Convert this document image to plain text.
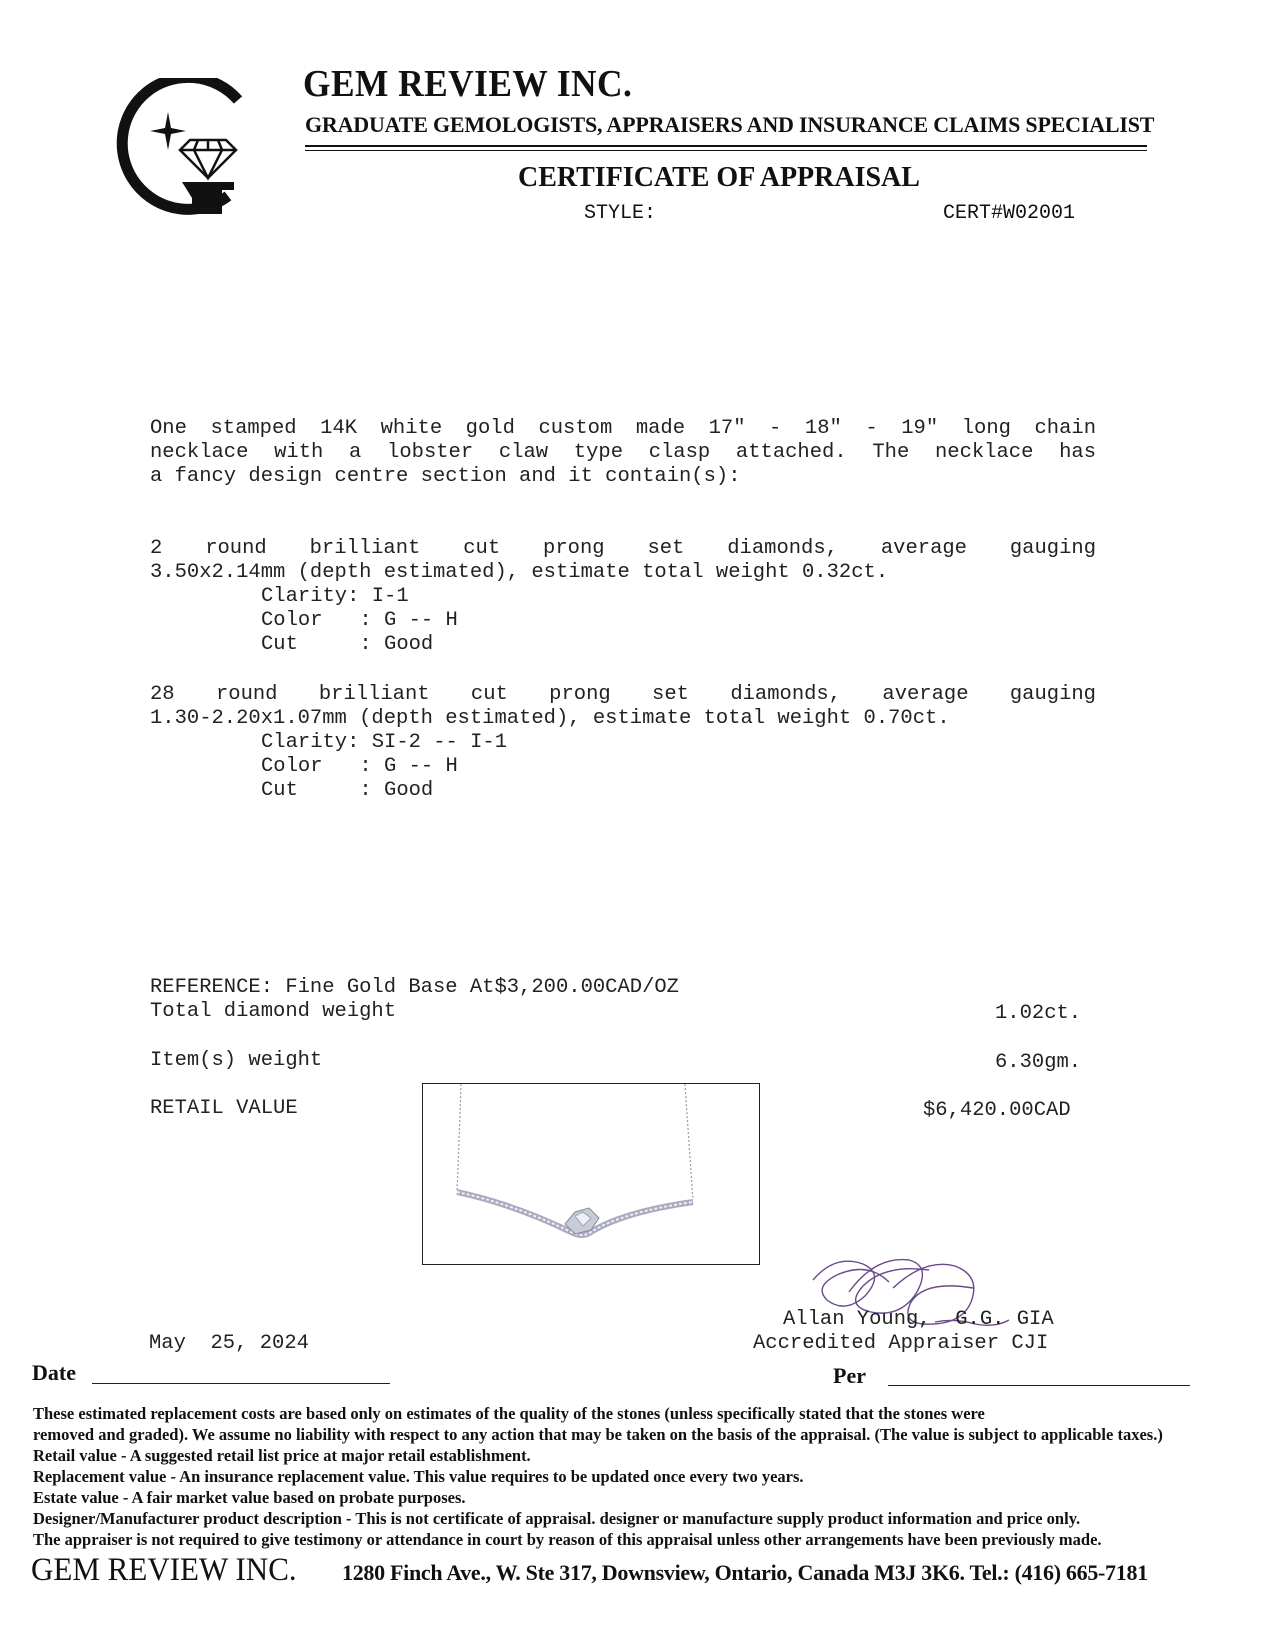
GEM REVIEW INC.
GRADUATE GEMOLOGISTS, APPRAISERS AND INSURANCE CLAIMS SPECIALIST
CERTIFICATE OF APPRAISAL
STYLE:	CERT#W02001
One stamped 14K white gold custom made 17" - 18" - 19" long chain
necklace with a lobster claw type clasp attached. The necklace has
a fancy design centre section and it contain(s):
2 round brilliant cut prong set diamonds, average gauging
3.50x2.14mm (depth estimated), estimate total weight 0.32ct.
Clarity: I-1
Color   : G -- H
Cut     : Good
28 round brilliant cut prong set diamonds, average gauging
1.30-2.20x1.07mm (depth estimated), estimate total weight 0.70ct.
Clarity: SI-2 -- I-1
Color   : G -- H
Cut     : Good
REFERENCE: Fine Gold Base At$3,200.00CAD/OZ
Total diamond weight	1.02ct.
Item(s) weight	6.30gm.
RETAIL VALUE	$6,420.00CAD
May  25, 2024
Allan Young,  G.G. GIA
Accredited Appraiser CJI
Date	Per
These estimated replacement costs are based only on estimates of the quality of the stones (unless specifically stated that the stones were
removed and graded). We assume no liability with respect to any action that may be taken on the basis of the appraisal. (The value is subject to applicable taxes.)
Retail value - A suggested retail list price at major retail establishment.
Replacement value - An insurance replacement value. This value requires to be updated once every two years.
Estate value - A fair market value based on probate purposes.
Designer/Manufacturer product description - This is not certificate of appraisal. designer or manufacture supply product information and price only.
The appraiser is not required to give testimony or attendance in court by reason of this appraisal unless other arrangements have been previously made.
GEM REVIEW INC. 1280 Finch Ave., W. Ste 317, Downsview, Ontario, Canada M3J 3K6. Tel.: (416) 665-7181
